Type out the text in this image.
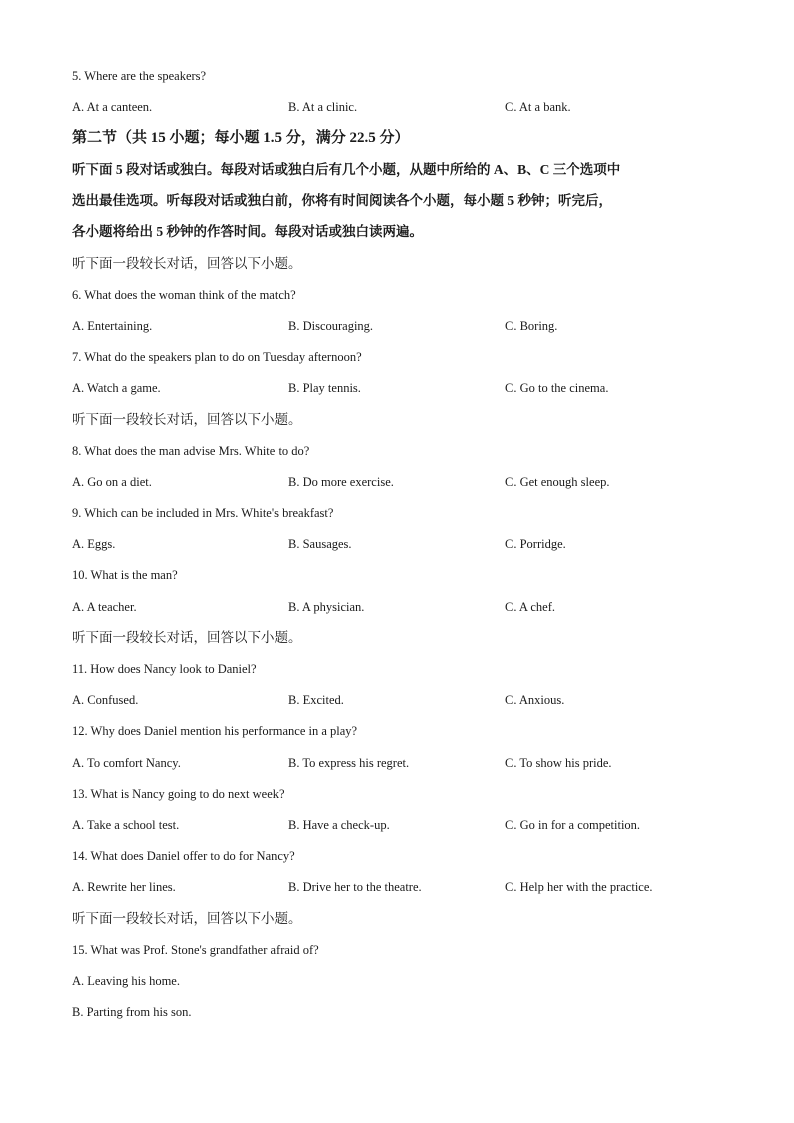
5. Where are the speakers?
A. At a canteen.	B. At a clinic.	C. At a bank.
第二节（共 15 小题；每小题 1.5 分，满分 22.5 分）
听下面 5 段对话或独白。每段对话或独白后有几个小题，从题中所给的 A、B、C 三个选项中
选出最佳选项。听每段对话或独白前，你将有时间阅读各个小题，每小题 5 秒钟；听完后，
各小题将给出 5 秒钟的作答时间。每段对话或独白读两遍。
听下面一段较长对话，回答以下小题。
6. What does the woman think of the match?
A. Entertaining.	B. Discouraging.	C. Boring.
7. What do the speakers plan to do on Tuesday afternoon?
A. Watch a game.	B. Play tennis.	C. Go to the cinema.
听下面一段较长对话，回答以下小题。
8. What does the man advise Mrs. White to do?
A. Go on a diet.	B. Do more exercise.	C. Get enough sleep.
9. Which can be included in Mrs. White's breakfast?
A. Eggs.	B. Sausages.	C. Porridge.
10. What is the man?
A. A teacher.	B. A physician.	C. A chef.
听下面一段较长对话，回答以下小题。
11. How does Nancy look to Daniel?
A. Confused.	B. Excited.	C. Anxious.
12. Why does Daniel mention his performance in a play?
A. To comfort Nancy.	B. To express his regret.	C. To show his pride.
13. What is Nancy going to do next week?
A. Take a school test.	B. Have a check-up.	C. Go in for a competition.
14. What does Daniel offer to do for Nancy?
A. Rewrite her lines.	B. Drive her to the theatre.	C. Help her with the practice.
听下面一段较长对话，回答以下小题。
15. What was Prof. Stone's grandfather afraid of?
A. Leaving his home.
B. Parting from his son.
